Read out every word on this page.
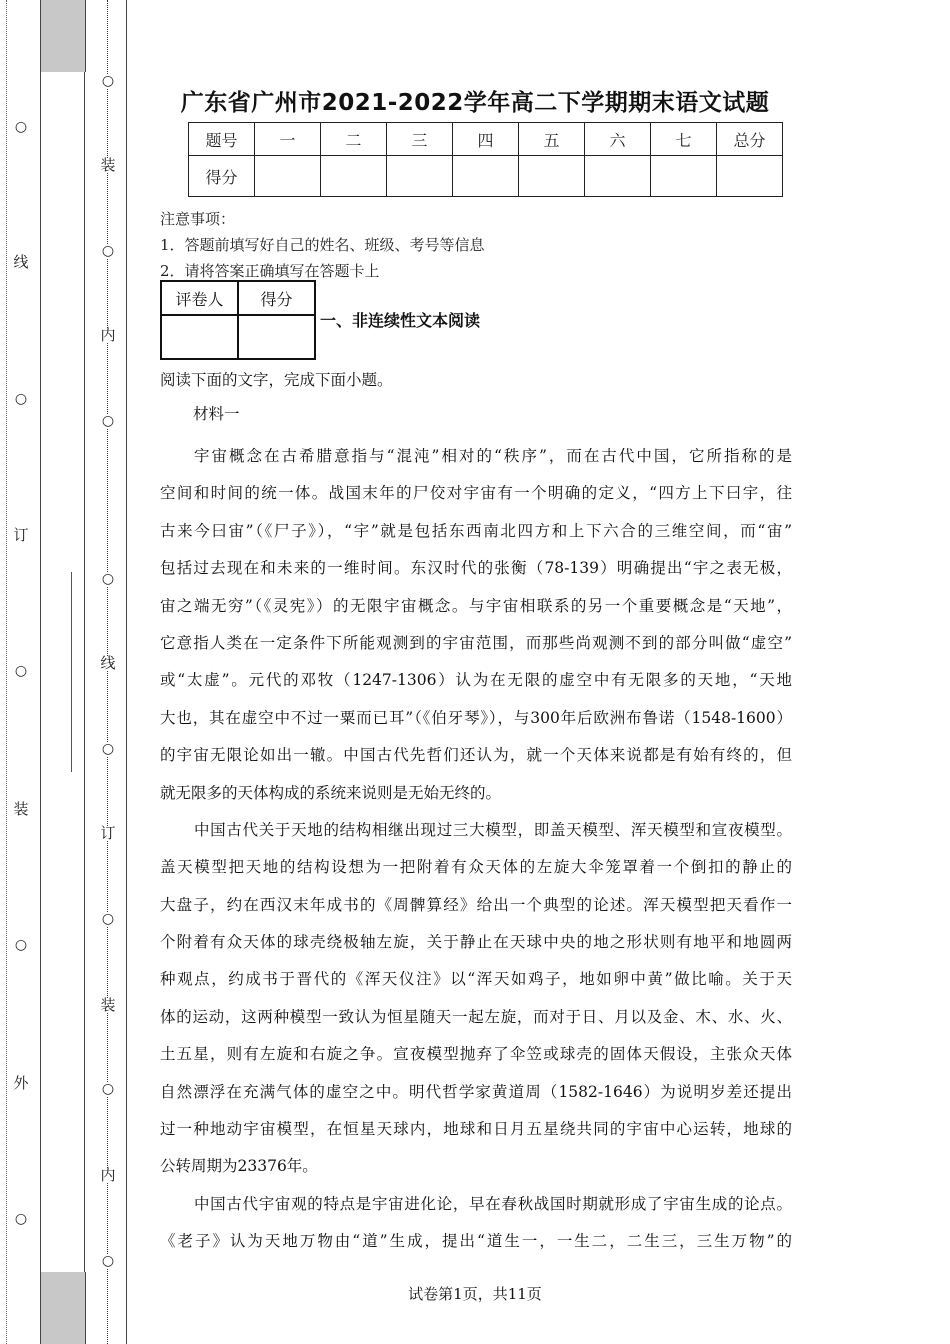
○
线
○
订
○
装
○
外
○
○
装
○
内
○
○
线
○
订
○
装
○
内
○
广东省广州市2021-2022学年高二下学期期末语文试题
题号	一	二	三	四	五	六	七	总分
得分								
注意事项：
1．答题前填写好自己的姓名、班级、考号等信息
2．请将答案正确填写在答题卡上
评卷人	得分

一、非连续性文本阅读
阅读下面的文字，完成下面小题。
材料一
宇宙概念在古希腊意指与“混沌”相对的“秩序”，而在古代中国，它所指称的是
空间和时间的统一体。战国末年的尸佼对宇宙有一个明确的定义，“四方上下曰宇，往
古来今曰宙”（《尸子》），“宇”就是包括东西南北四方和上下六合的三维空间，而“宙”
包括过去现在和未来的一维时间。东汉时代的张衡（78-139）明确提出“宇之表无极，
宙之端无穷”（《灵宪》）的无限宇宙概念。与宇宙相联系的另一个重要概念是“天地”，
它意指人类在一定条件下所能观测到的宇宙范围，而那些尚观测不到的部分叫做“虚空”
或“太虚”。元代的邓牧（1247-1306）认为在无限的虚空中有无限多的天地，“天地
大也，其在虚空中不过一粟而已耳”（《伯牙琴》），与300年后欧洲布鲁诺（1548-1600）
的宇宙无限论如出一辙。中国古代先哲们还认为，就一个天体来说都是有始有终的，但
就无限多的天体构成的系统来说则是无始无终的。
中国古代关于天地的结构相继出现过三大模型，即盖天模型、浑天模型和宣夜模型。
盖天模型把天地的结构设想为一把附着有众天体的左旋大伞笼罩着一个倒扣的静止的
大盘子，约在西汉末年成书的《周髀算经》给出一个典型的论述。浑天模型把天看作一
个附着有众天体的球壳绕极轴左旋，关于静止在天球中央的地之形状则有地平和地圆两
种观点，约成书于晋代的《浑天仪注》以“浑天如鸡子，地如卵中黄”做比喻。关于天
体的运动，这两种模型一致认为恒星随天一起左旋，而对于日、月以及金、木、水、火、
土五星，则有左旋和右旋之争。宣夜模型抛弃了伞笠或球壳的固体天假设，主张众天体
自然漂浮在充满气体的虚空之中。明代哲学家黄道周（1582-1646）为说明岁差还提出
过一种地动宇宙模型，在恒星天球内，地球和日月五星绕共同的宇宙中心运转，地球的
公转周期为23376年。
中国古代宇宙观的特点是宇宙进化论，早在春秋战国时期就形成了宇宙生成的论点。
《老子》认为天地万物由“道”生成，提出“道生一，一生二，二生三，三生万物”的
试卷第1页，共11页
